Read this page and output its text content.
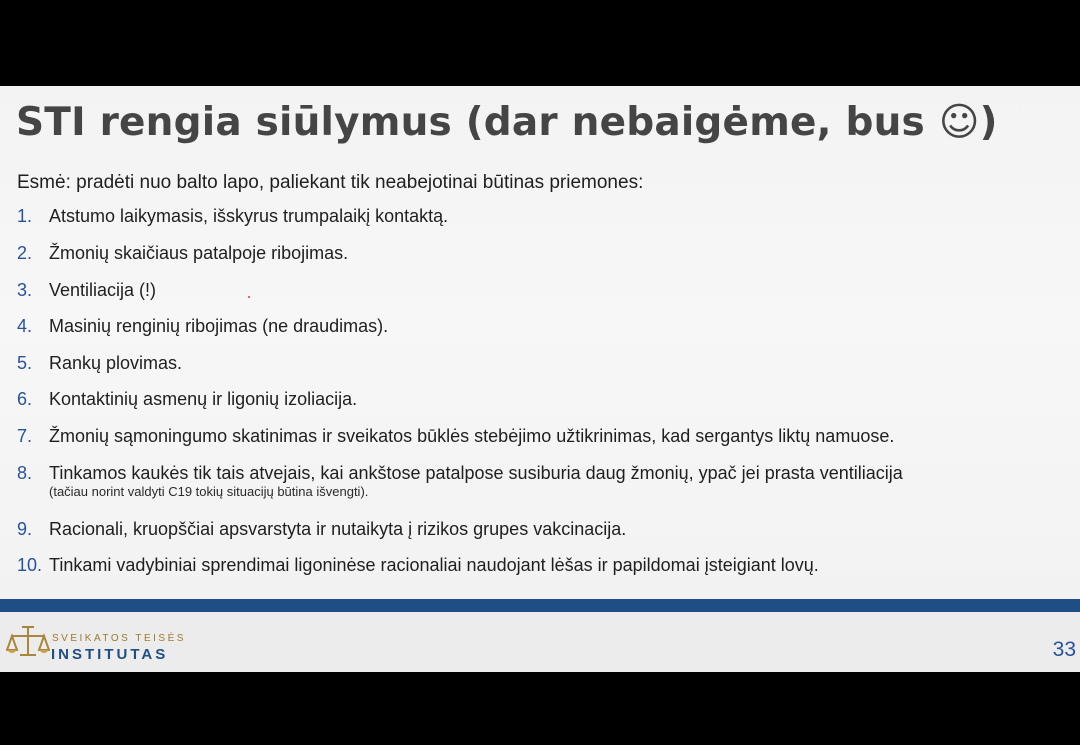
STI rengia siūlymus (dar nebaigėme, bus ☺)
Esmė: pradėti nuo balto lapo, paliekant tik neabejotinai būtinas priemones:
1. Atstumo laikymasis, išskyrus trumpalaikį kontaktą.
2. Žmonių skaičiaus patalpoje ribojimas.
3. Ventiliacija (!)
4. Masinių renginių ribojimas (ne draudimas).
5. Rankų plovimas.
6. Kontaktinių asmenų ir ligonių izoliacija.
7. Žmonių sąmoningumo skatinimas ir sveikatos būklės stebėjimo užtikrinimas, kad sergantys liktų namuose.
8. Tinkamos kaukės tik tais atvejais, kai ankštose patalpose susiburia daug žmonių, ypač jei prasta ventiliacija
(tačiau norint valdyti C19 tokių situacijų būtina išvengti).
9. Racionali, kruopščiai apsvarstyta ir nutaikyta į rizikos grupes vakcinacija.
10. Tinkami vadybiniai sprendimai ligoninėse racionaliai naudojant lėšas ir papildomai įsteigiant lovų.
SVEIKATOS TEISĖS
INSTITUTAS	33
